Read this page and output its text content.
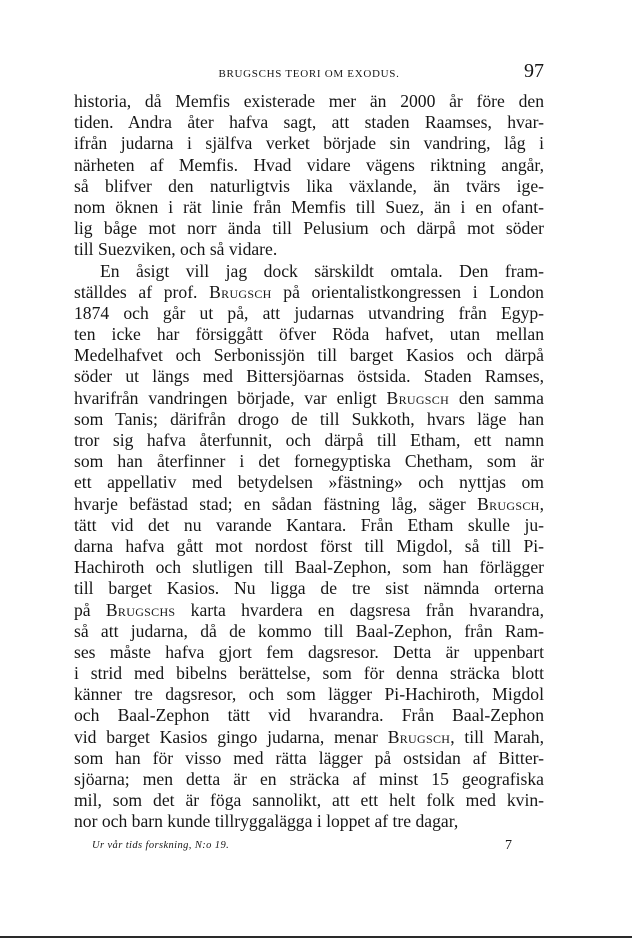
BRUGSCHS TEORI OM EXODUS.	97
historia, då Memfis existerade mer än 2000 år före den
tiden. Andra åter hafva sagt, att staden Raamses, hvar-
ifrån judarna i själfva verket började sin vandring, låg i
närheten af Memfis. Hvad vidare vägens riktning angår,
så blifver den naturligtvis lika växlande, än tvärs ige-
nom öknen i rät linie från Memfis till Suez, än i en ofant-
lig båge mot norr ända till Pelusium och därpå mot söder
till Suezviken, och så vidare.
En åsigt vill jag dock särskildt omtala. Den fram-
ställdes af prof. Brugsch på orientalistkongressen i London
1874 och går ut på, att judarnas utvandring från Egyp-
ten icke har försiggått öfver Röda hafvet, utan mellan
Medelhafvet och Serbonissjön till barget Kasios och därpå
söder ut längs med Bittersjöarnas östsida. Staden Ramses,
hvarifrån vandringen började, var enligt Brugsch den samma
som Tanis; därifrån drogo de till Sukkoth, hvars läge han
tror sig hafva återfunnit, och därpå till Etham, ett namn
som han återfinner i det fornegyptiska Chetham, som är
ett appellativ med betydelsen »fästning» och nyttjas om
hvarje befästad stad; en sådan fästning låg, säger Brugsch,
tätt vid det nu varande Kantara. Från Etham skulle ju-
darna hafva gått mot nordost först till Migdol, så till Pi-
Hachiroth och slutligen till Baal-Zephon, som han förlägger
till barget Kasios. Nu ligga de tre sist nämnda orterna
på Brugschs karta hvardera en dagsresa från hvarandra,
så att judarna, då de kommo till Baal-Zephon, från Ram-
ses måste hafva gjort fem dagsresor. Detta är uppenbart
i strid med bibelns berättelse, som för denna sträcka blott
känner tre dagsresor, och som lägger Pi-Hachiroth, Migdol
och Baal-Zephon tätt vid hvarandra. Från Baal-Zephon
vid barget Kasios gingo judarna, menar Brugsch, till Marah,
som han för visso med rätta lägger på ostsidan af Bitter-
sjöarna; men detta är en sträcka af minst 15 geografiska
mil, som det är föga sannolikt, att ett helt folk med kvin-
nor och barn kunde tillryggalägga i loppet af tre dagar,
Ur vår tids forskning, N:o 19.	7
